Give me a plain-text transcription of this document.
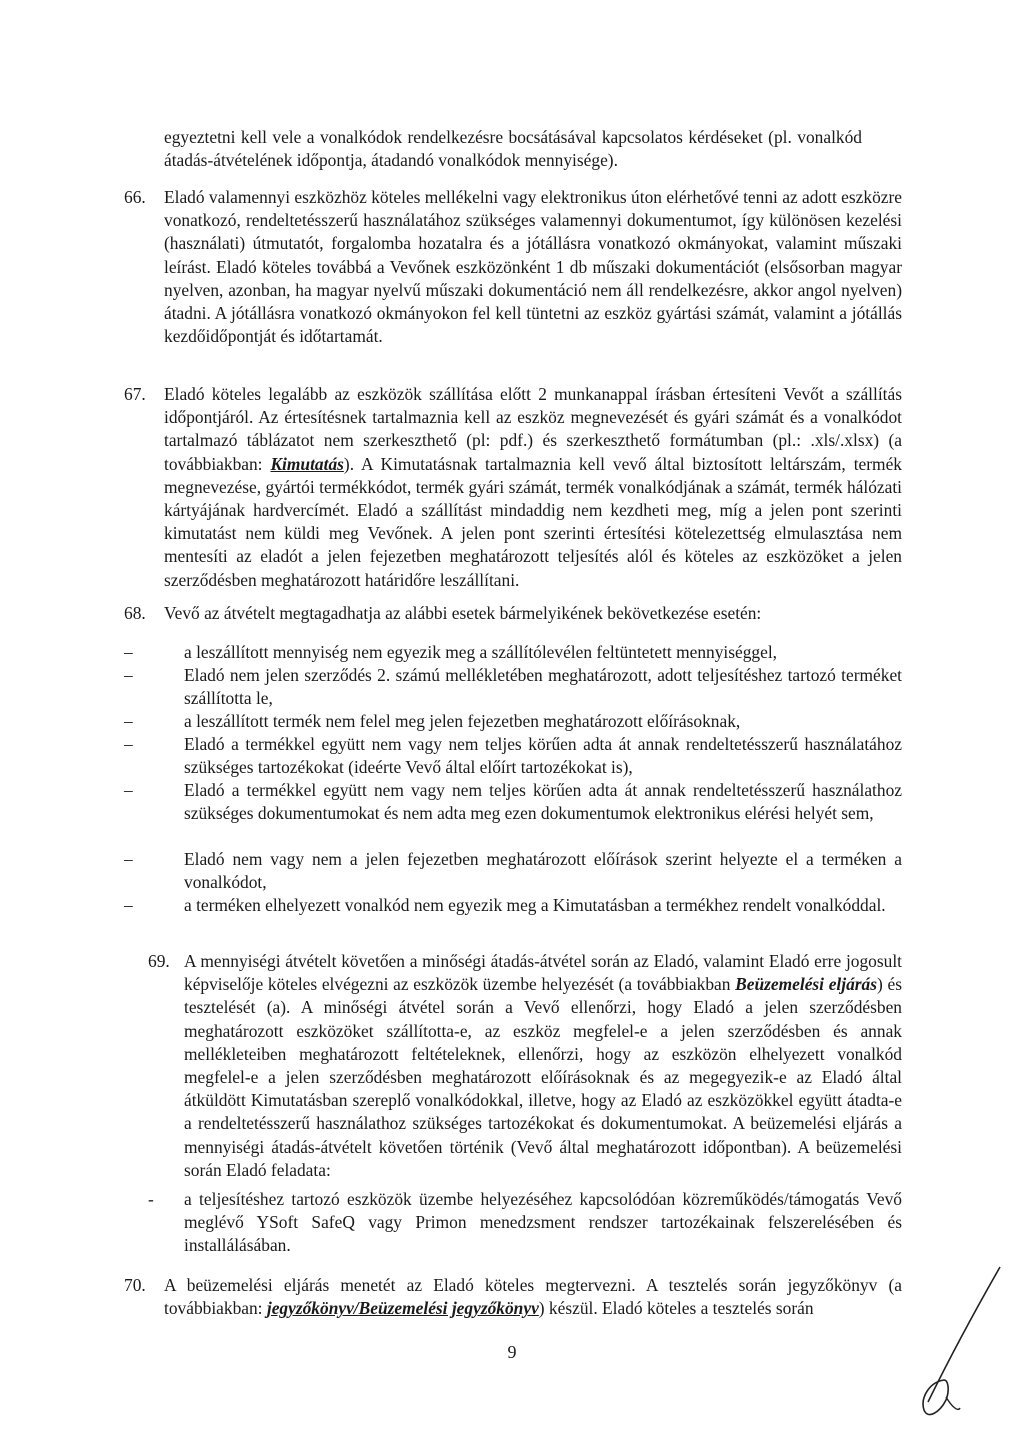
egyeztetni kell vele a vonalkódok rendelkezésre bocsátásával kapcsolatos kérdéseket (pl. vonalkód átadás-átvételének időpontja, átadandó vonalkódok mennyisége).

66. Eladó valamennyi eszközhöz köteles mellékelni vagy elektronikus úton elérhetővé tenni az adott eszközre vonatkozó, rendeltetésszerű használatához szükséges valamennyi dokumentumot, így különösen kezelési (használati) útmutatót, forgalomba hozatalra és a jótállásra vonatkozó okmányokat, valamint műszaki leírást. Eladó köteles továbbá a Vevőnek eszközönként 1 db műszaki dokumentációt (elsősorban magyar nyelven, azonban, ha magyar nyelvű műszaki dokumentáció nem áll rendelkezésre, akkor angol nyelven) átadni. A jótállásra vonatkozó okmányokon fel kell tüntetni az eszköz gyártási számát, valamint a jótállás kezdőidőpontját és időtartamát.

67. Eladó köteles legalább az eszközök szállítása előtt 2 munkanappal írásban értesíteni Vevőt a szállítás időpontjáról. Az értesítésnek tartalmaznia kell az eszköz megnevezését és gyári számát és a vonalkódot tartalmazó táblázatot nem szerkeszthető (pl: pdf.) és szerkeszthető formátumban (pl.: .xls/.xlsx) (a továbbiakban: Kimutatás). A Kimutatásnak tartalmaznia kell vevő által biztosított leltárszám, termék megnevezése, gyártói termékkódot, termék gyári számát, termék vonalkódjának a számát, termék hálózati kártyájának hardvercímét. Eladó a szállítást mindaddig nem kezdheti meg, míg a jelen pont szerinti kimutatást nem küldi meg Vevőnek. A jelen pont szerinti értesítési kötelezettség elmulasztása nem mentesíti az eladót a jelen fejezetben meghatározott teljesítés alól és köteles az eszközöket a jelen szerződésben meghatározott határidőre leszállítani.

68. Vevő az átvételt megtagadhatja az alábbi esetek bármelyikének bekövetkezése esetén:

–	a leszállított mennyiség nem egyezik meg a szállítólevélen feltüntetett mennyiséggel,

–	Eladó nem jelen szerződés 2. számú mellékletében meghatározott, adott teljesítéshez tartozó terméket szállította le,

–	a leszállított termék nem felel meg jelen fejezetben meghatározott előírásoknak,

–	Eladó a termékkel együtt nem vagy nem teljes körűen adta át annak rendeltetésszerű használatához szükséges tartozékokat (ideérte Vevő által előírt tartozékokat is),

–	Eladó a termékkel együtt nem vagy nem teljes körűen adta át annak rendeltetésszerű használathoz szükséges dokumentumokat és nem adta meg ezen dokumentumok elektronikus elérési helyét sem,

–	Eladó nem vagy nem a jelen fejezetben meghatározott előírások szerint helyezte el a terméken a vonalkódot,

–	a terméken elhelyezett vonalkód nem egyezik meg a Kimutatásban a termékhez rendelt vonalkóddal.

69. A mennyiségi átvételt követően a minőségi átadás-átvétel során az Eladó, valamint Eladó erre jogosult képviselője köteles elvégezni az eszközök üzembe helyezését (a továbbiakban Beüzemelési eljárás) és tesztelését (a). A minőségi átvétel során a Vevő ellenőrzi, hogy Eladó a jelen szerződésben meghatározott eszközöket szállította-e, az eszköz megfelel-e a jelen szerződésben és annak mellékleteiben meghatározott feltételeknek, ellenőrzi, hogy az eszközön elhelyezett vonalkód megfelel-e a jelen szerződésben meghatározott előírásoknak és az megegyezik-e az Eladó által átküldött Kimutatásban szereplő vonalkódokkal, illetve, hogy az Eladó az eszközökkel együtt átadta-e a rendeltetésszerű használathoz szükséges tartozékokat és dokumentumokat. A beüzemelési eljárás a mennyiségi átadás-átvételt követően történik (Vevő által meghatározott időpontban). A beüzemelési során Eladó feladata:

- a teljesítéshez tartozó eszközök üzembe helyezéséhez kapcsolódóan közreműködés/támogatás Vevő meglévő YSoft SafeQ vagy Primon menedzsment rendszer tartozékainak felszerelésében és installálásában.

70. A beüzemelési eljárás menetét az Eladó köteles megtervezni. A tesztelés során jegyzőkönyv (a továbbiakban: jegyzőkönyv/Beüzemelési jegyzőkönyv) készül. Eladó köteles a tesztelés során

9
